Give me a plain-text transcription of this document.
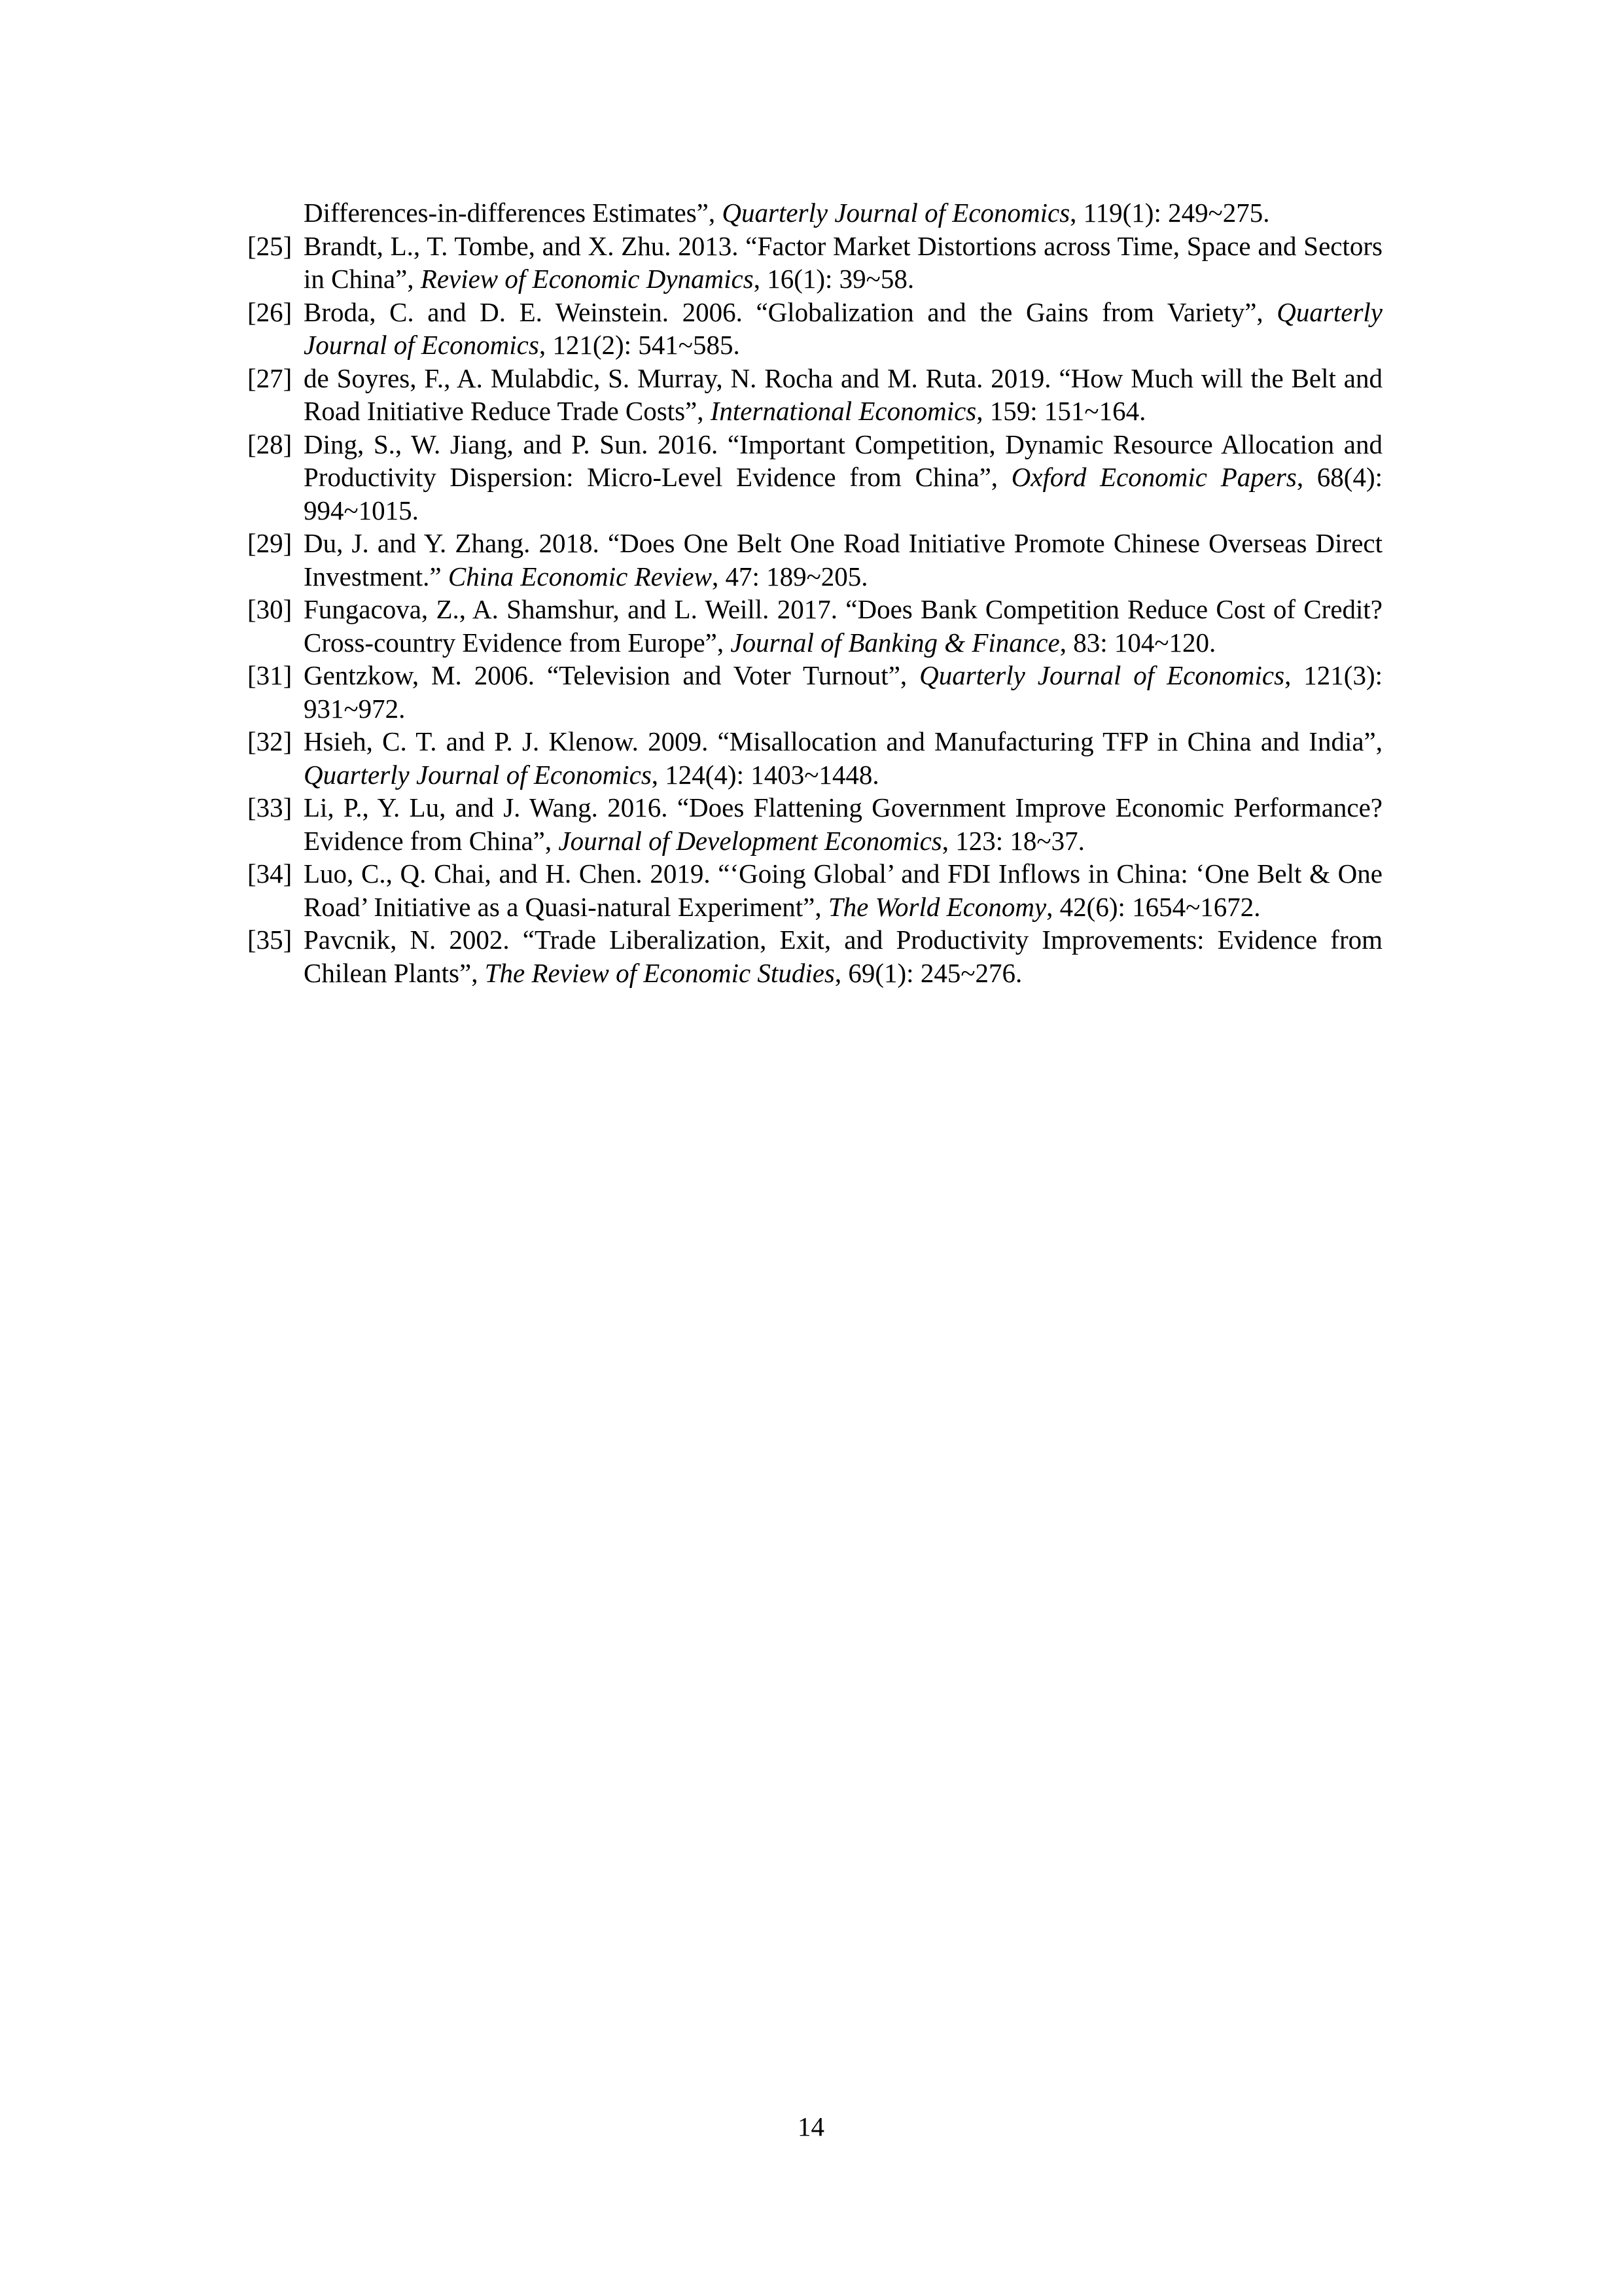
Differences-in-differences Estimates”, Quarterly Journal of Economics, 119(1): 249~275.

[25] Brandt, L., T. Tombe, and X. Zhu. 2013. “Factor Market Distortions across Time, Space and Sectors in China”, Review of Economic Dynamics, 16(1): 39~58.

[26] Broda, C. and D. E. Weinstein. 2006. “Globalization and the Gains from Variety”, Quarterly Journal of Economics, 121(2): 541~585.

[27] de Soyres, F., A. Mulabdic, S. Murray, N. Rocha and M. Ruta. 2019. “How Much will the Belt and Road Initiative Reduce Trade Costs”, International Economics, 159: 151~164.

[28] Ding, S., W. Jiang, and P. Sun. 2016. “Important Competition, Dynamic Resource Allocation and Productivity Dispersion: Micro-Level Evidence from China”, Oxford Economic Papers, 68(4): 994~1015.

[29] Du, J. and Y. Zhang. 2018. “Does One Belt One Road Initiative Promote Chinese Overseas Direct Investment.” China Economic Review, 47: 189~205.

[30] Fungacova, Z., A. Shamshur, and L. Weill. 2017. “Does Bank Competition Reduce Cost of Credit? Cross-country Evidence from Europe”, Journal of Banking & Finance, 83: 104~120.

[31] Gentzkow, M. 2006. “Television and Voter Turnout”, Quarterly Journal of Economics, 121(3): 931~972.

[32] Hsieh, C. T. and P. J. Klenow. 2009. “Misallocation and Manufacturing TFP in China and India”, Quarterly Journal of Economics, 124(4): 1403~1448.

[33] Li, P., Y. Lu, and J. Wang. 2016. “Does Flattening Government Improve Economic Performance? Evidence from China”, Journal of Development Economics, 123: 18~37.

[34] Luo, C., Q. Chai, and H. Chen. 2019. “‘Going Global’ and FDI Inflows in China: ‘One Belt & One Road’ Initiative as a Quasi-natural Experiment”, The World Economy, 42(6): 1654~1672.

[35] Pavcnik, N. 2002. “Trade Liberalization, Exit, and Productivity Improvements: Evidence from Chilean Plants”, The Review of Economic Studies, 69(1): 245~276.

14
